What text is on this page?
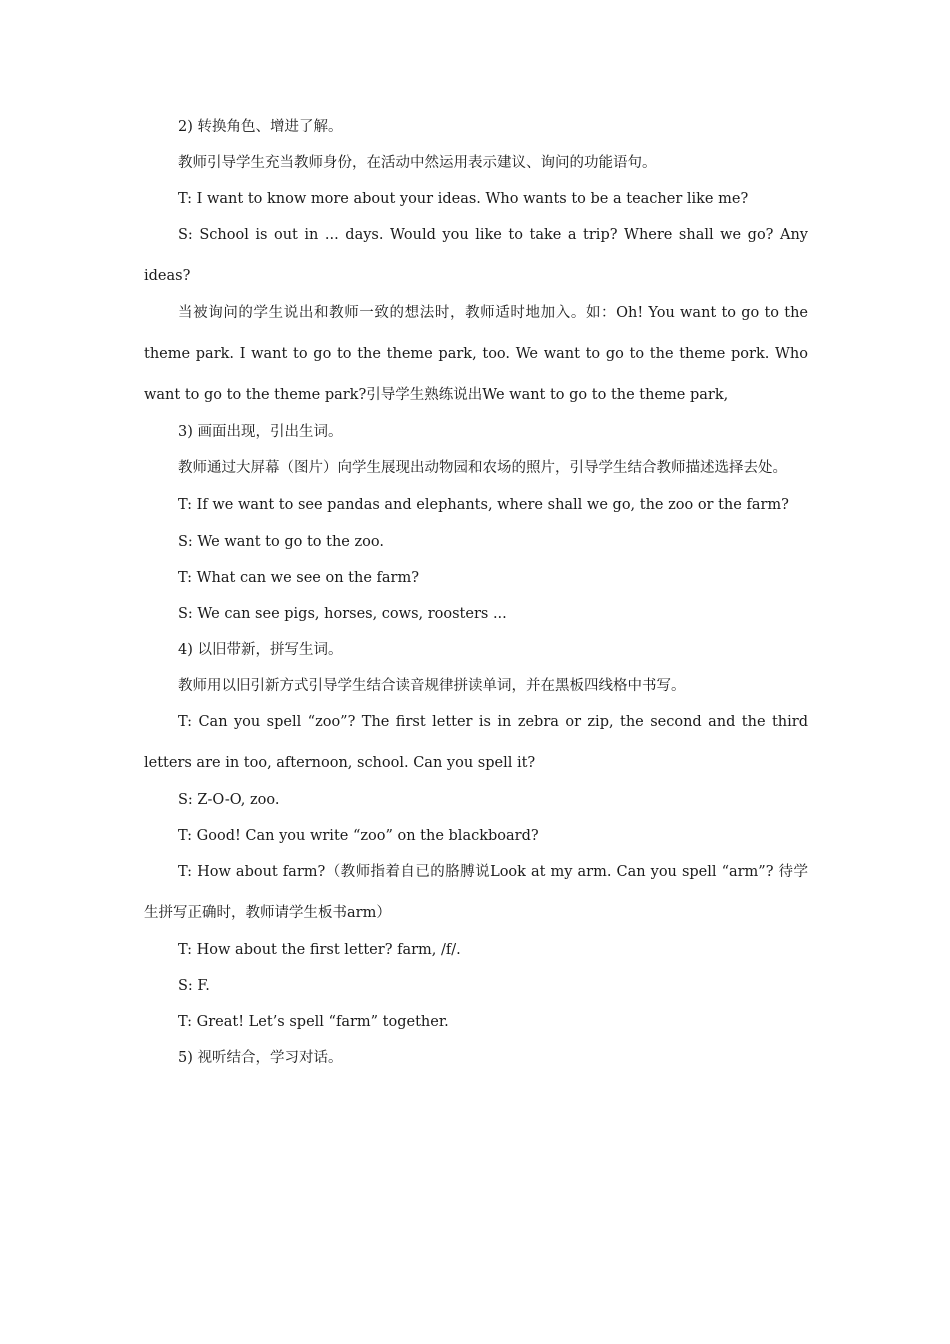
2) 转换角色、增进了解。

教师引导学生充当教师身份，在活动中然运用表示建议、询问的功能语句。

T: I want to know more about your ideas. Who wants to be a teacher like me?

S: School is out in ... days. Would you like to take a trip? Where shall we go? Any ideas?

当被询问的学生说出和教师一致的想法时，教师适时地加入。如：Oh! You want to go to the theme park. I want to go to the theme park, too. We want to go to the theme pork. Who want to go to the theme park?引导学生熟练说出We want to go to the theme park,

3) 画面出现，引出生词。

教师通过大屏幕（图片）向学生展现出动物园和农场的照片，引导学生结合教师描述选择去处。

T: If we want to see pandas and elephants, where shall we go, the zoo or the farm?

S: We want to go to the zoo.

T: What can we see on the farm?

S: We can see pigs, horses, cows, roosters ...

4) 以旧带新，拼写生词。

教师用以旧引新方式引导学生结合读音规律拼读单词，并在黑板四线格中书写。

T: Can you spell “zoo”? The first letter is in zebra or zip, the second and the third letters are in too, afternoon, school. Can you spell it?

S: Z-O-O, zoo.

T: Good! Can you write “zoo” on the blackboard?

T: How about farm?（教师指着自已的胳膊说Look at my arm. Can you spell “arm”? 待学生拼写正确时，教师请学生板书arm）

T: How about the first letter? farm, /f/.

S: F.

T: Great! Let’s spell “farm” together.

5) 视听结合，学习对话。
